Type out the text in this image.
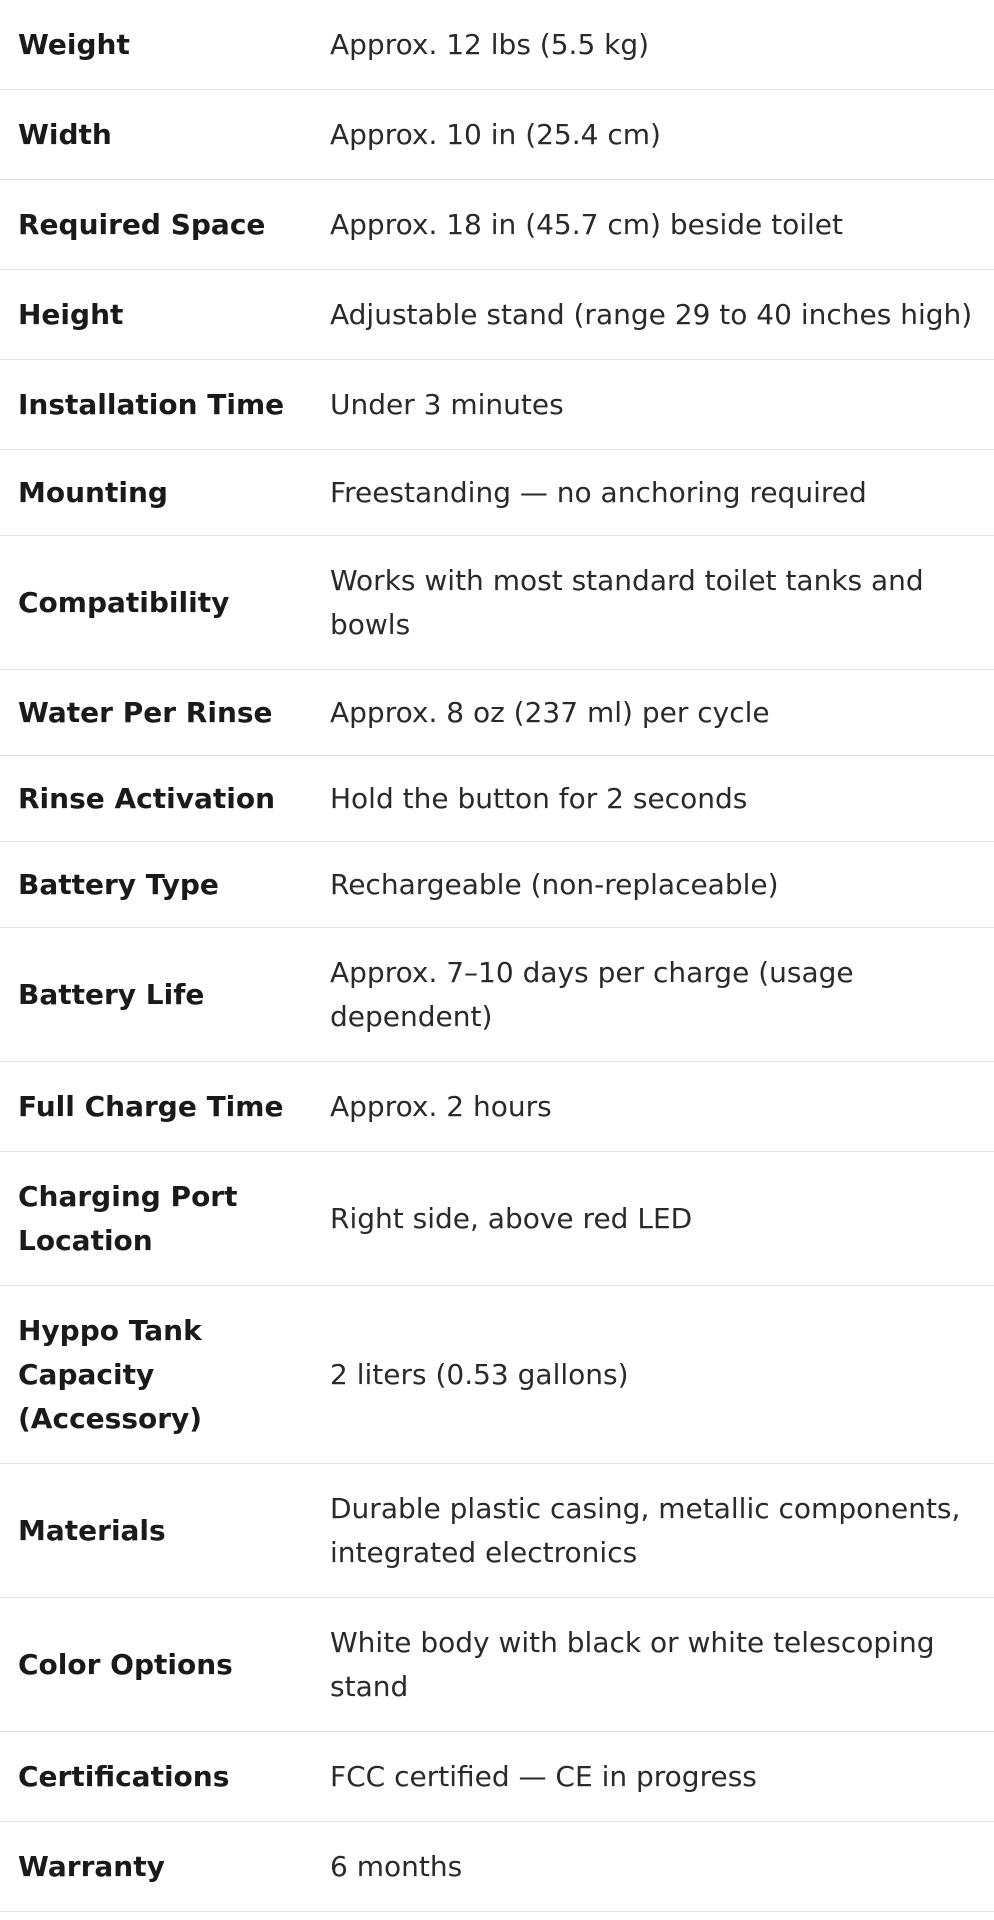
Weight	Approx. 12 lbs (5.5 kg)
Width	Approx. 10 in (25.4 cm)
Required Space	Approx. 18 in (45.7 cm) beside toilet
Height	Adjustable stand (range 29 to 40 inches high)
Installation Time	Under 3 minutes
Mounting	Freestanding — no anchoring required
Compatibility	Works with most standard toilet tanks and bowls
Water Per Rinse	Approx. 8 oz (237 ml) per cycle
Rinse Activation	Hold the button for 2 seconds
Battery Type	Rechargeable (non-replaceable)
Battery Life	Approx. 7–10 days per charge (usage dependent)
Full Charge Time	Approx. 2 hours
Charging Port Location	Right side, above red LED
Hyppo Tank Capacity (Accessory)	2 liters (0.53 gallons)
Materials	Durable plastic casing, metallic components, integrated electronics
Color Options	White body with black or white telescoping stand
Certifications	FCC certified — CE in progress
Warranty	6 months
